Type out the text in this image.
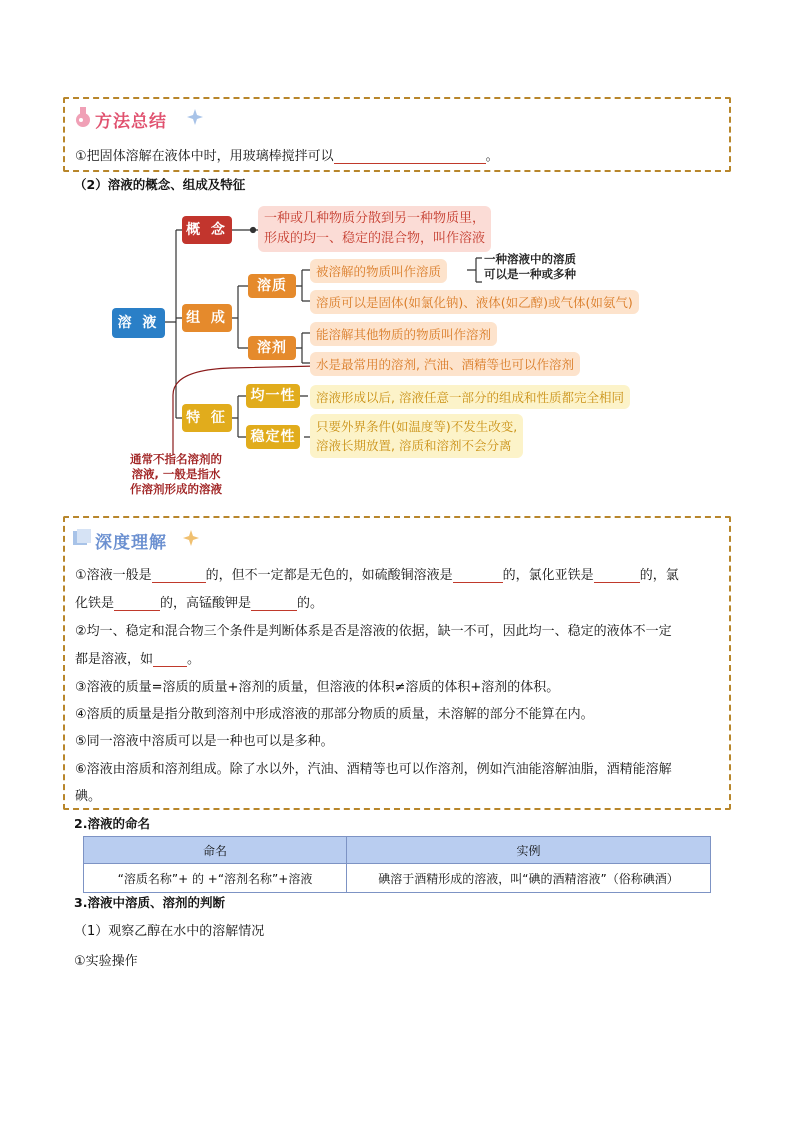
方法总结
①把固体溶解在液体中时，用玻璃棒搅拌可以	。
（2）溶液的概念、组成及特征
溶 液
概 念
一种或几种物质分散到另一种物质里，
形成的均一、稳定的混合物，叫作溶液
组 成
溶质
被溶解的物质叫作溶质
一种溶液中的溶质
可以是一种或多种
溶质可以是固体(如氯化钠)、液体(如乙醇)或气体(如氨气)
溶剂
能溶解其他物质的物质叫作溶剂
水是最常用的溶剂, 汽油、酒精等也可以作溶剂
特 征
均一性	溶液形成以后, 溶液任意一部分的组成和性质都完全相同
稳定性
只要外界条件(如温度等)不发生改变,
溶液长期放置, 溶质和溶剂不会分离
通常不指名溶剂的
溶液, 一般是指水
作溶剂形成的溶液
深度理解
①溶液一般是	的，但不一定都是无色的，如硫酸铜溶液是	的，氯化亚铁是	的，氯
化铁是	的，高锰酸钾是	的。
②均一、稳定和混合物三个条件是判断体系是否是溶液的依据，缺一不可，因此均一、稳定的液体不一定
都是溶液，如	。
③溶液的质量=溶质的质量+溶剂的质量，但溶液的体积≠溶质的体积+溶剂的体积。
④溶质的质量是指分散到溶剂中形成溶液的那部分物质的质量，未溶解的部分不能算在内。
⑤同一溶液中溶质可以是一种也可以是多种。
⑥溶液由溶质和溶剂组成。除了水以外，汽油、酒精等也可以作溶剂，例如汽油能溶解油脂，酒精能溶解
碘。
2.溶液的命名
命名	实例
“溶质名称”+ 的 +“溶剂名称”+溶液	碘溶于酒精形成的溶液，叫“碘的酒精溶液”（俗称碘酒）
3.溶液中溶质、溶剂的判断
（1）观察乙醇在水中的溶解情况
①实验操作
